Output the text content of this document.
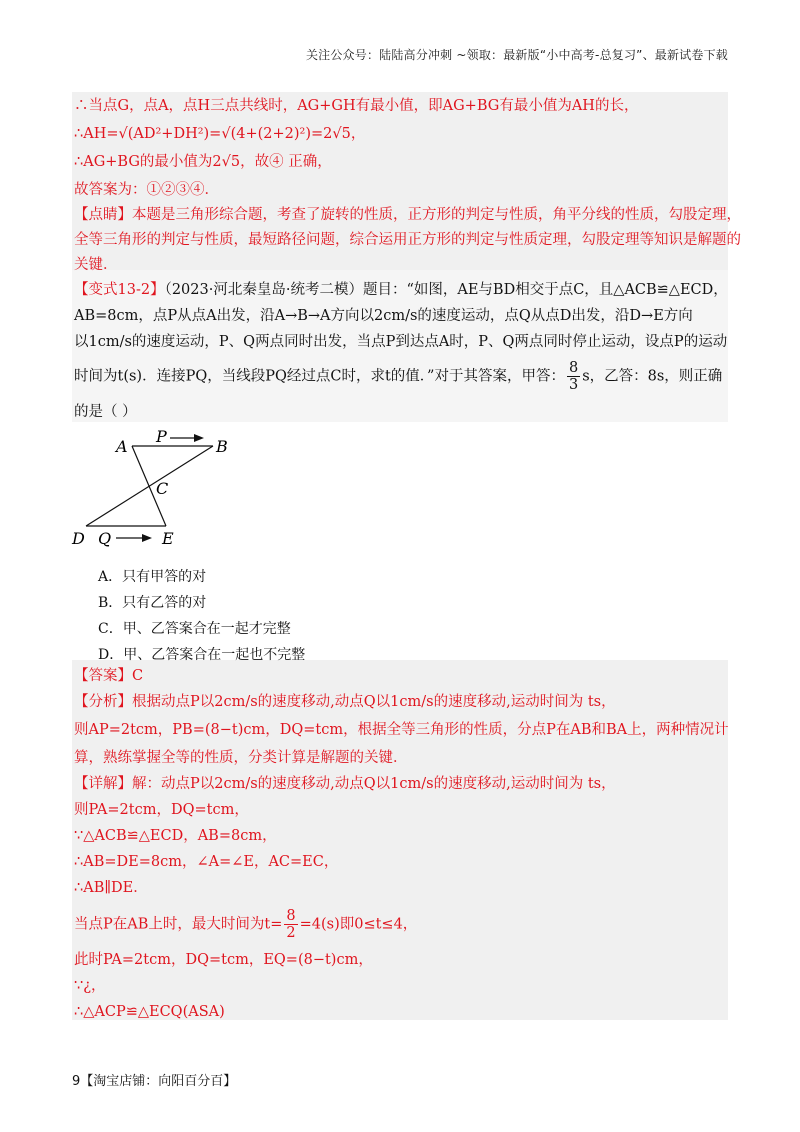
关注公众号：陆陆高分冲刺 ~领取：最新版“小中高考-总复习”、最新试卷下载
∴当点G，点A，点H三点共线时，AG+GH有最小值，即AG+BG有最小值为AH的长，
∴AH=√(AD²+DH²)=√(4+(2+2)²)=2√5，
∴AG+BG的最小值为2√5，故④ 正确，
故答案为：①②③④．
【点睛】本题是三角形综合题，考查了旋转的性质，正方形的判定与性质，角平分线的性质，勾股定理，
全等三角形的判定与性质，最短路径问题，综合运用正方形的判定与性质定理，勾股定理等知识是解题的
关键．
【变式13-2】（2023·河北秦皇岛·统考二模）题目：“如图，AE与BD相交于点C，且△ACB≌△ECD，
AB=8cm，点P从点A出发，沿A→B→A方向以2cm/s的速度运动，点Q从点D出发，沿D→E方向
以1cm/s的速度运动，P、Q两点同时出发，当点P到达点A时，P、Q两点同时停止运动，设点P的运动
时间为t(s)．连接PQ，当线段PQ经过点C时，求t的值．”对于其答案，甲答： $\frac{8}{3}$ s，乙答：8s，则正确
的是（ ）
A
P
B
C
D Q	E
A．只有甲答的对
B．只有乙答的对
C．甲、乙答案合在一起才完整
D．甲、乙答案合在一起也不完整
【答案】C
【分析】根据动点P以2cm/s的速度移动,动点Q以1cm/s的速度移动,运动时间为 ts，
则AP=2tcm，PB=(8−t)cm，DQ=tcm，根据全等三角形的性质，分点P在AB和BA上，两种情况计
算，熟练掌握全等的性质，分类计算是解题的关键．
【详解】解：动点P以2cm/s的速度移动,动点Q以1cm/s的速度移动,运动时间为 ts，
则PA=2tcm，DQ=tcm，
∵△ACB≌△ECD，AB=8cm，
∴AB=DE=8cm，∠A=∠E，AC=EC，
∴AB∥DE．
当点P在AB上时，最大时间为$t= \frac{8}{2} =4(s)$即0≤t≤4，
此时PA=2tcm，DQ=tcm，EQ=(8−t)cm，
∵¿，
∴△ACP≌△ECQ(ASA)
9【淘宝店铺：向阳百分百】
